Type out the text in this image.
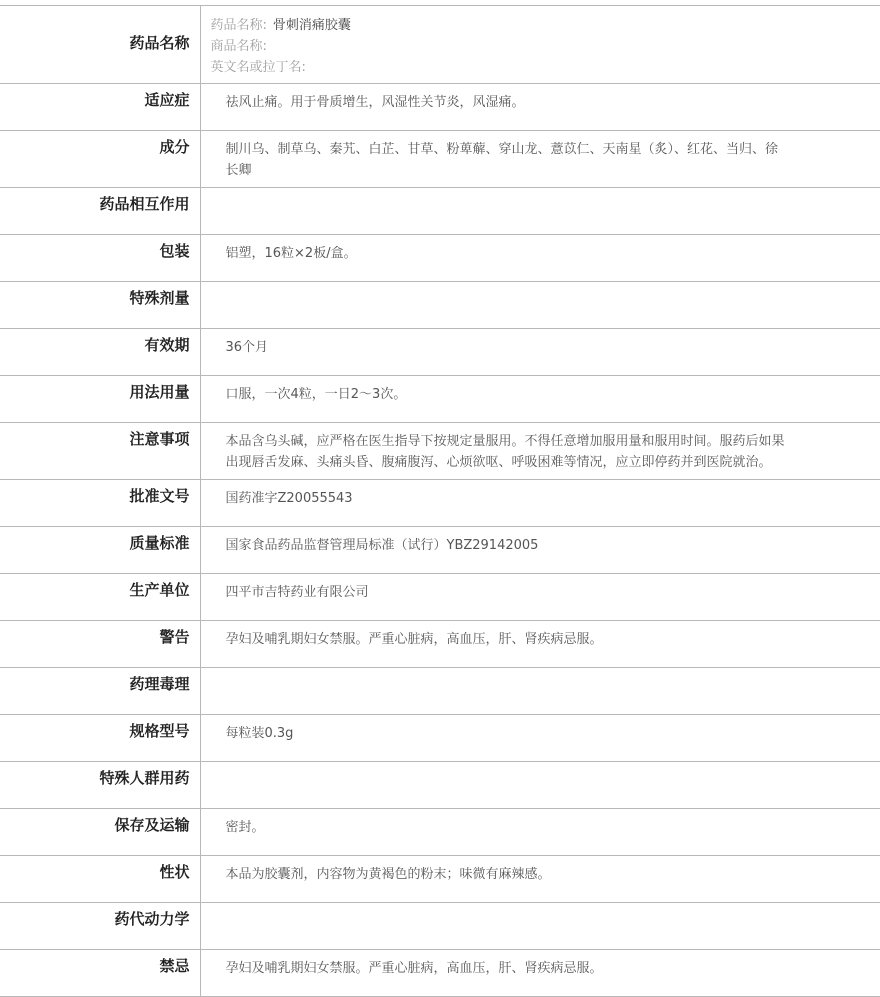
药品名称	药品名称: 骨刺消痛胶囊
商品名称:
英文名或拉丁名:

适应症	祛风止痛。用于骨质增生，风湿性关节炎，风湿痛。

成分	制川乌、制草乌、秦艽、白芷、甘草、粉萆薢、穿山龙、薏苡仁、天南星（炙）、红花、当归、徐长卿

药品相互作用	

包装	铝塑，16粒×2板/盒。

特殊剂量	

有效期	36个月

用法用量	口服，一次4粒，一日2～3次。

注意事项	本品含乌头碱，应严格在医生指导下按规定量服用。不得任意增加服用量和服用时间。服药后如果出现唇舌发麻、头痛头昏、腹痛腹泻、心烦欲呕、呼吸困难等情况，应立即停药并到医院就治。

批准文号	国药准字Z20055543

质量标准	国家食品药品监督管理局标准（试行）YBZ29142005

生产单位	四平市吉特药业有限公司

警告	孕妇及哺乳期妇女禁服。严重心脏病，高血压，肝、肾疾病忌服。

药理毒理	

规格型号	每粒装0.3g

特殊人群用药	

保存及运输	密封。

性状	本品为胶囊剂，内容物为黄褐色的粉末；味微有麻辣感。

药代动力学	

禁忌	孕妇及哺乳期妇女禁服。严重心脏病，高血压，肝、肾疾病忌服。
